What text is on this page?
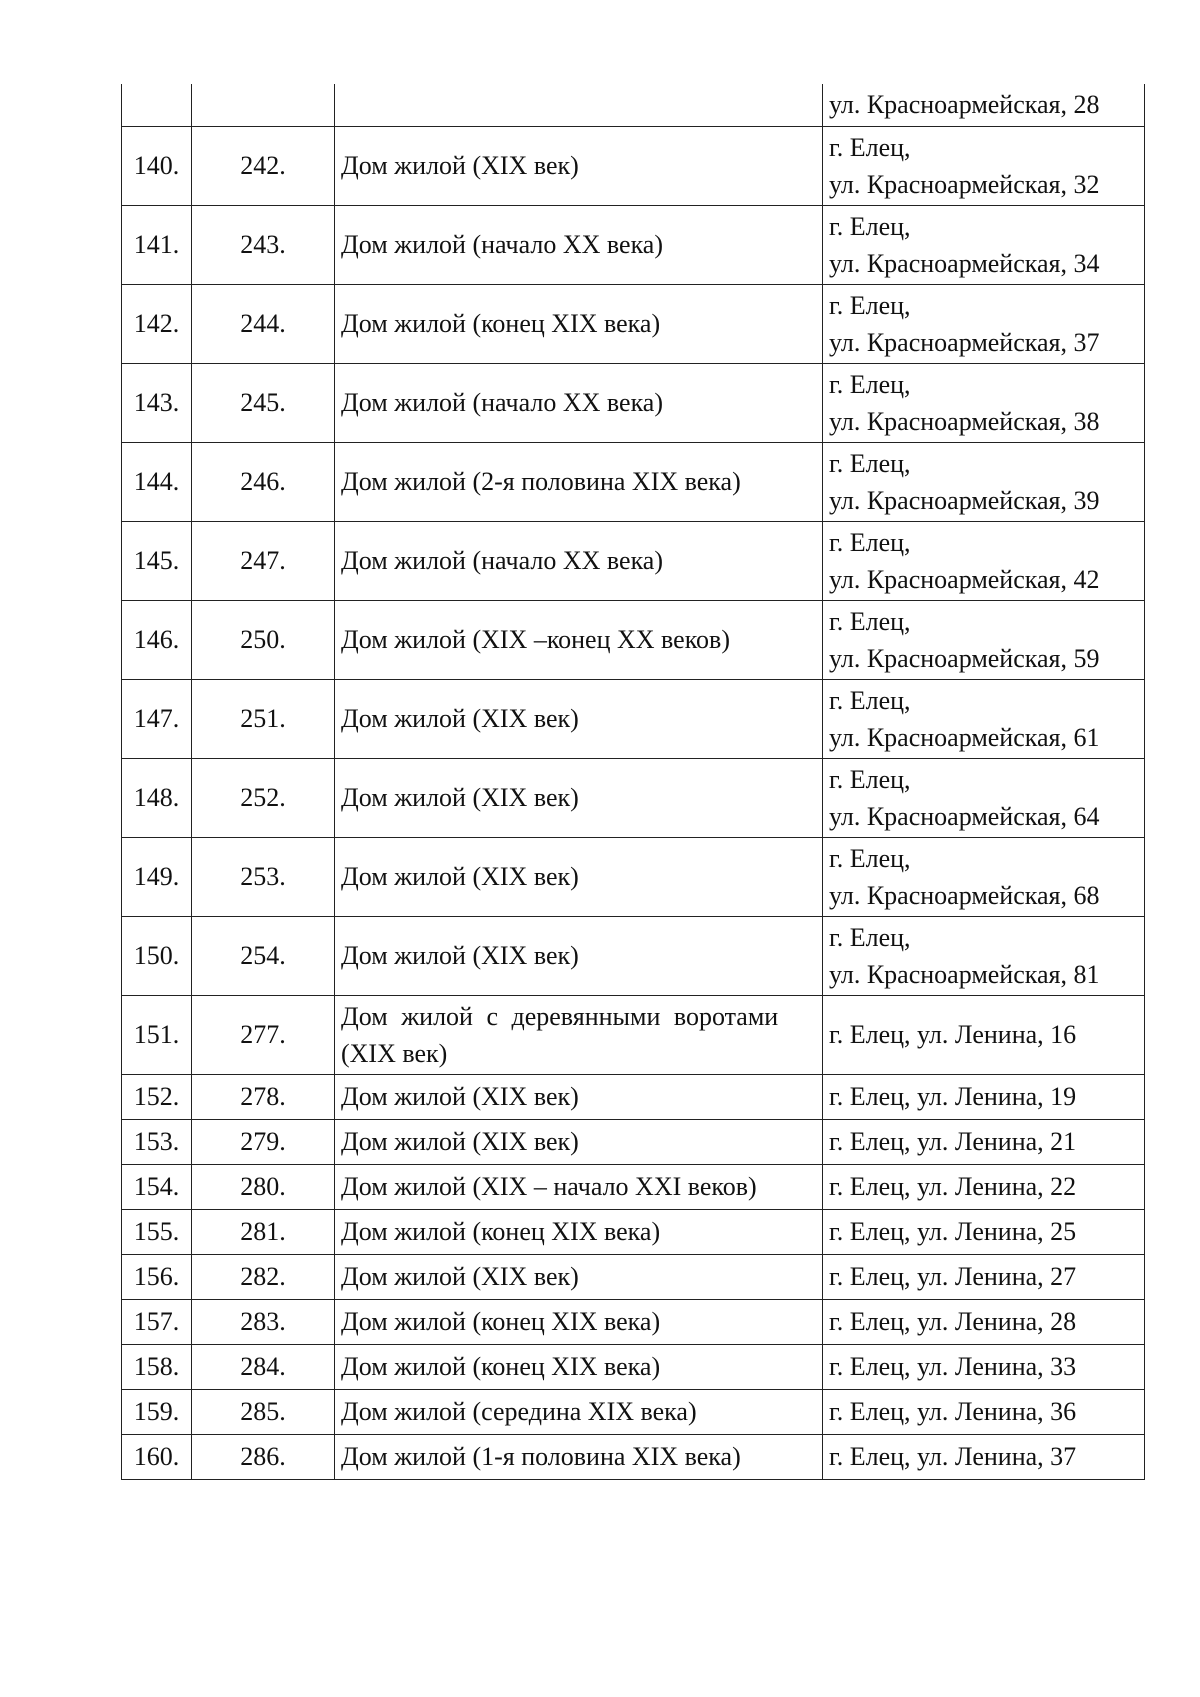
			ул. Красноармейская, 28

140.	242.	Дом жилой (XIX век)	г. Елец,
ул. Красноармейская, 32

141.	243.	Дом жилой (начало XX века)	г. Елец,
ул. Красноармейская, 34

142.	244.	Дом жилой (конец XIX века)	г. Елец,
ул. Красноармейская, 37

143.	245.	Дом жилой (начало XX века)	г. Елец,
ул. Красноармейская, 38

144.	246.	Дом жилой (2-я половина XIX века)	г. Елец,
ул. Красноармейская, 39

145.	247.	Дом жилой (начало XX века)	г. Елец,
ул. Красноармейская, 42

146.	250.	Дом жилой (XIX –конец XX веков)	г. Елец,
ул. Красноармейская, 59

147.	251.	Дом жилой (XIX век)	г. Елец,
ул. Красноармейская, 61

148.	252.	Дом жилой (XIX век)	г. Елец,
ул. Красноармейская, 64

149.	253.	Дом жилой (XIX век)	г. Елец,
ул. Красноармейская, 68

150.	254.	Дом жилой (XIX век)	г. Елец,
ул. Красноармейская, 81

151.	277.	Дом жилой с деревянными воротами
(XIX век)	г. Елец, ул. Ленина, 16
152.	278.	Дом жилой (XIX век)	г. Елец, ул. Ленина, 19
153.	279.	Дом жилой (XIX век)	г. Елец, ул. Ленина, 21
154.	280.	Дом жилой (XIX – начало XXI веков)	г. Елец, ул. Ленина, 22
155.	281.	Дом жилой (конец XIX века)	г. Елец, ул. Ленина, 25
156.	282.	Дом жилой (XIX век)	г. Елец, ул. Ленина, 27
157.	283.	Дом жилой (конец XIX века)	г. Елец, ул. Ленина, 28
158.	284.	Дом жилой (конец XIX века)	г. Елец, ул. Ленина, 33
159.	285.	Дом жилой (середина XIX века)	г. Елец, ул. Ленина, 36
160.	286.	Дом жилой (1-я половина XIX века)	г. Елец, ул. Ленина, 37
